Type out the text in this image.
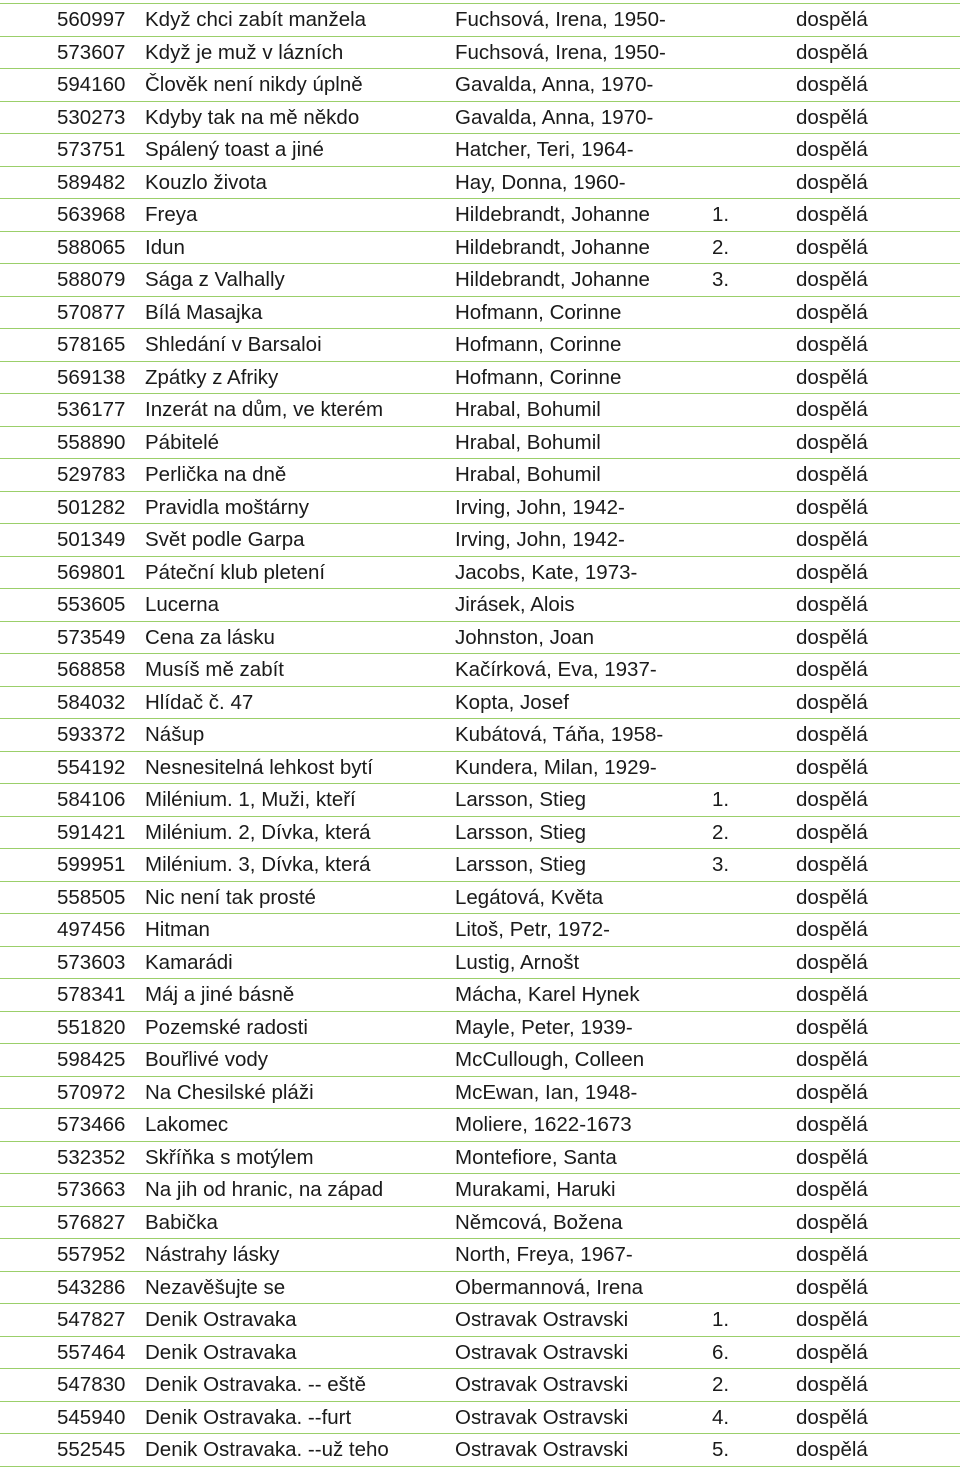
560997	Když chci zabít manžela	Fuchsová, Irena, 1950-		dospělá
573607	Když je muž v lázních	Fuchsová, Irena, 1950-		dospělá
594160	Člověk není nikdy úplně	Gavalda, Anna, 1970-		dospělá
530273	Kdyby tak na mě někdo	Gavalda, Anna, 1970-		dospělá
573751	Spálený toast a jiné	Hatcher, Teri, 1964-		dospělá
589482	Kouzlo života	Hay, Donna, 1960-		dospělá
563968	Freya	Hildebrandt, Johanne	1.	dospělá
588065	Idun	Hildebrandt, Johanne	2.	dospělá
588079	Sága z Valhally	Hildebrandt, Johanne	3.	dospělá
570877	Bílá Masajka	Hofmann, Corinne		dospělá
578165	Shledání v Barsaloi	Hofmann, Corinne		dospělá
569138	Zpátky z Afriky	Hofmann, Corinne		dospělá
536177	Inzerát na dům, ve kterém	Hrabal, Bohumil		dospělá
558890	Pábitelé	Hrabal, Bohumil		dospělá
529783	Perlička na dně	Hrabal, Bohumil		dospělá
501282	Pravidla moštárny	Irving, John, 1942-		dospělá
501349	Svět podle Garpa	Irving, John, 1942-		dospělá
569801	Páteční klub pletení	Jacobs, Kate, 1973-		dospělá
553605	Lucerna	Jirásek, Alois		dospělá
573549	Cena za lásku	Johnston, Joan		dospělá
568858	Musíš mě zabít	Kačírková, Eva, 1937-		dospělá
584032	Hlídač č. 47	Kopta, Josef		dospělá
593372	Nášup	Kubátová, Táňa, 1958-		dospělá
554192	Nesnesitelná lehkost bytí	Kundera, Milan, 1929-		dospělá
584106	Milénium. 1, Muži, kteří	Larsson, Stieg	1.	dospělá
591421	Milénium. 2, Dívka, která	Larsson, Stieg	2.	dospělá
599951	Milénium. 3, Dívka, která	Larsson, Stieg	3.	dospělá
558505	Nic není tak prosté	Legátová, Květa		dospělá
497456	Hitman	Litoš, Petr, 1972-		dospělá
573603	Kamarádi	Lustig, Arnošt		dospělá
578341	Máj a jiné básně	Mácha, Karel Hynek		dospělá
551820	Pozemské radosti	Mayle, Peter, 1939-		dospělá
598425	Bouřlivé vody	McCullough, Colleen		dospělá
570972	Na Chesilské pláži	McEwan, Ian, 1948-		dospělá
573466	Lakomec	Moliere, 1622-1673		dospělá
532352	Skříňka s motýlem	Montefiore, Santa		dospělá
573663	Na jih od hranic, na západ	Murakami, Haruki		dospělá
576827	Babička	Němcová, Božena		dospělá
557952	Nástrahy lásky	North, Freya, 1967-		dospělá
543286	Nezavěšujte se	Obermannová, Irena		dospělá
547827	Denik Ostravaka	Ostravak Ostravski	1.	dospělá
557464	Denik Ostravaka	Ostravak Ostravski	6.	dospělá
547830	Denik Ostravaka. -- eště	Ostravak Ostravski	2.	dospělá
545940	Denik Ostravaka. --furt	Ostravak Ostravski	4.	dospělá
552545	Denik Ostravaka. --už teho	Ostravak Ostravski	5.	dospělá
